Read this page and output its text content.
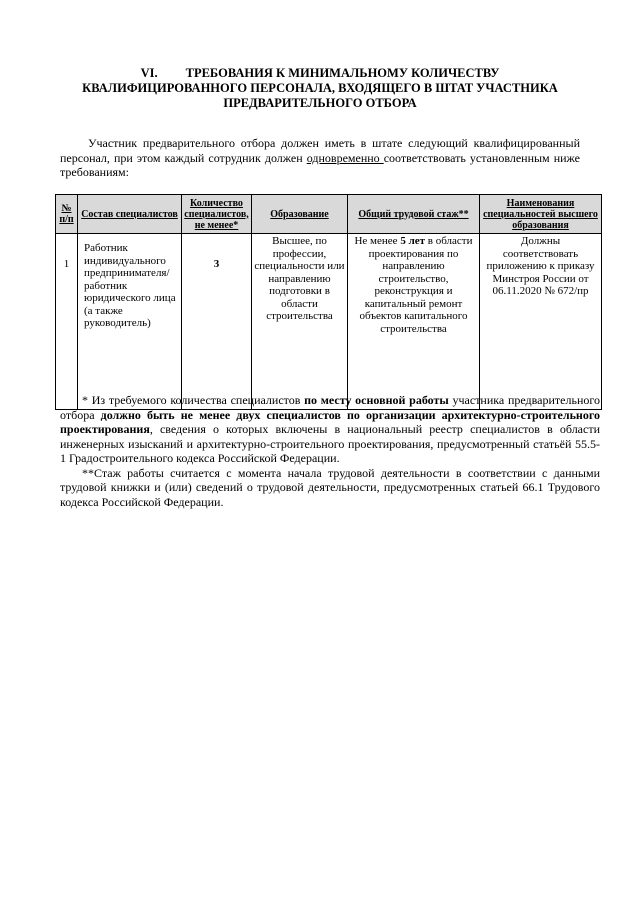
VI. ТРЕБОВАНИЯ К МИНИМАЛЬНОМУ КОЛИЧЕСТВУ
КВАЛИФИЦИРОВАННОГО ПЕРСОНАЛА, ВХОДЯЩЕГО В ШТАТ УЧАСТНИКА
ПРЕДВАРИТЕЛЬНОГО ОТБОРА

Участник предварительного отбора должен иметь в штате следующий квалифицированный персонал, при этом каждый сотрудник должен одновременно соответствовать установленным ниже требованиям:

№ п/п	Состав специалистов	Количество специалистов, не менее*	Образование	Общий трудовой стаж**	Наименования специальностей высшего образования
1	Работник индивидуального предпринимателя/ работник юридического лица (а также руководитель)	3	Высшее, по профессии, специальности или направлению подготовки в области строительства	Не менее 5 лет в области проектирования по направлению строительство, реконструкция и капитальный ремонт объектов капитального строительства	Должны соответствовать приложению к приказу Минстроя России от 06.11.2020 № 672/пр

* Из требуемого количества специалистов по месту основной работы участника предварительного отбора должно быть не менее двух специалистов по организации архитектурно-строительного проектирования, сведения о которых включены в национальный реестр специалистов в области инженерных изысканий и архитектурно-строительного проектирования, предусмотренный статьёй 55.5-1 Градостроительного кодекса Российской Федерации.

**Стаж работы считается с момента начала трудовой деятельности в соответствии с данными трудовой книжки и (или) сведений о трудовой деятельности, предусмотренных статьей 66.1 Трудового кодекса Российской Федерации.
